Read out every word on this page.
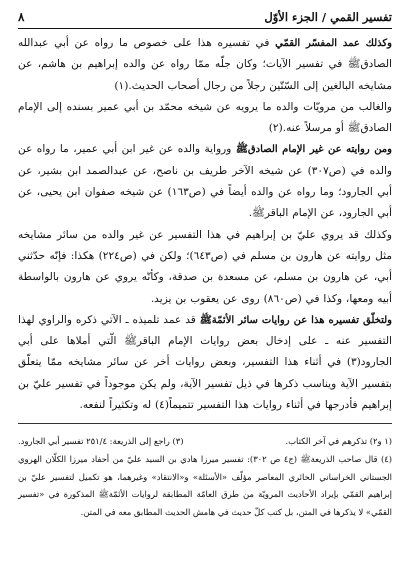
تفسير القمي / الجزء الأوّل
٨

وكذلك عمد المفسّر القمّي في تفسيره هذا على خصوص ما رواه عن أبي عبدالله الصادقﷺ في تفسير الآيات؛ وكان جلّه ممّا رواه عن والده إبراهيم بن هاشم، عن مشايخه البالغين إلى السّتّين رجلاً من رجال أصحاب الحديث.(١)

والغالب من مرويّات والده ما يرويه عن شيخه محمّد بن أبي عمير بسنده إلى الإمام الصادقﷺ أو مرسلاً عنه.(٢)

ومن روايته عن غير الإمام الصادقﷺ ورواية والده عن غير ابن أبي عمير، ما رواه عن والده في (ص٣٠٧) عن شيخه الآخر طريف بن ناصح، عن عبدالصمد ابن بشير، عن أبي الجارود؛ وما رواه عن والده أيضاً في (ص١٦٣) عن شيخه صفوان ابن يحيى، عن أبي الجارود، عن الإمام الباقرﷺ.

وكذلك قد يروي عليّ بن إبراهيم في هذا التفسير عن غير والده من سائر مشايخه مثل روايته عن هارون بن مسلم في (ص٦٤٣)؛ ولكن في (ص٢٢٤) هكذا: فإنّه حدّثني أبي، عن هارون بن مسلم، عن مسعدة بن صدقة، وكأنّه يروي عن هارون بالواسطة أبيه ومعها، وكذا في (ص٨٦٠) روى عن يعقوب بن يزيد.

ولتخلّق تفسيره هذا عن روايات سائر الأئمّةﷺ قد عمد تلميذه ـ الآتي ذكره والراوي لهذا التفسير عنه ـ على إدخال بعض روايات الإمام الباقرﷺ الّتي أملاها على أبي الجارود(٣) في أثناء هذا التفسير، وبعض روايات أخر عن سائر مشايخه ممّا يتعلّق بتفسير الآية ويناسب ذكرها في ذيل تفسير الآية، ولم يكن موجوداً في تفسير عليّ بن إبراهيم فأدرجها في أثناء روايات هذا التفسير تتميماً(٤) له وتكثيراً لنفعه.

(١ و٢) تذكرهم في آخر الكتاب.

(٣) راجع إلى الذريعة: ٢٥١/٤ تفسير أبي الجارود.

(٤) قال صاحب الذريعةﷺ (ج٤ ص ٣٠٢): تفسير ميرزا هادي بن السيد عليّ من أحفاد ميرزا الكلّان الهروي الجستاني الخراساني الحائري المعاصر مؤلّف «الأسئلة» و«الانتقاد» وغيرهما، هو تكميل لتفسير عليّ بن إبراهيم القمّي بإيراد الأحاديث المرويّة من طرق العامّة المطابقة لروايات الأئمّةﷺ المذكورة في «تفسير القمّي» لا يذكرها في المتن، بل كتب كلّ حديث في هامش الحديث المطابق معه في المتن.
